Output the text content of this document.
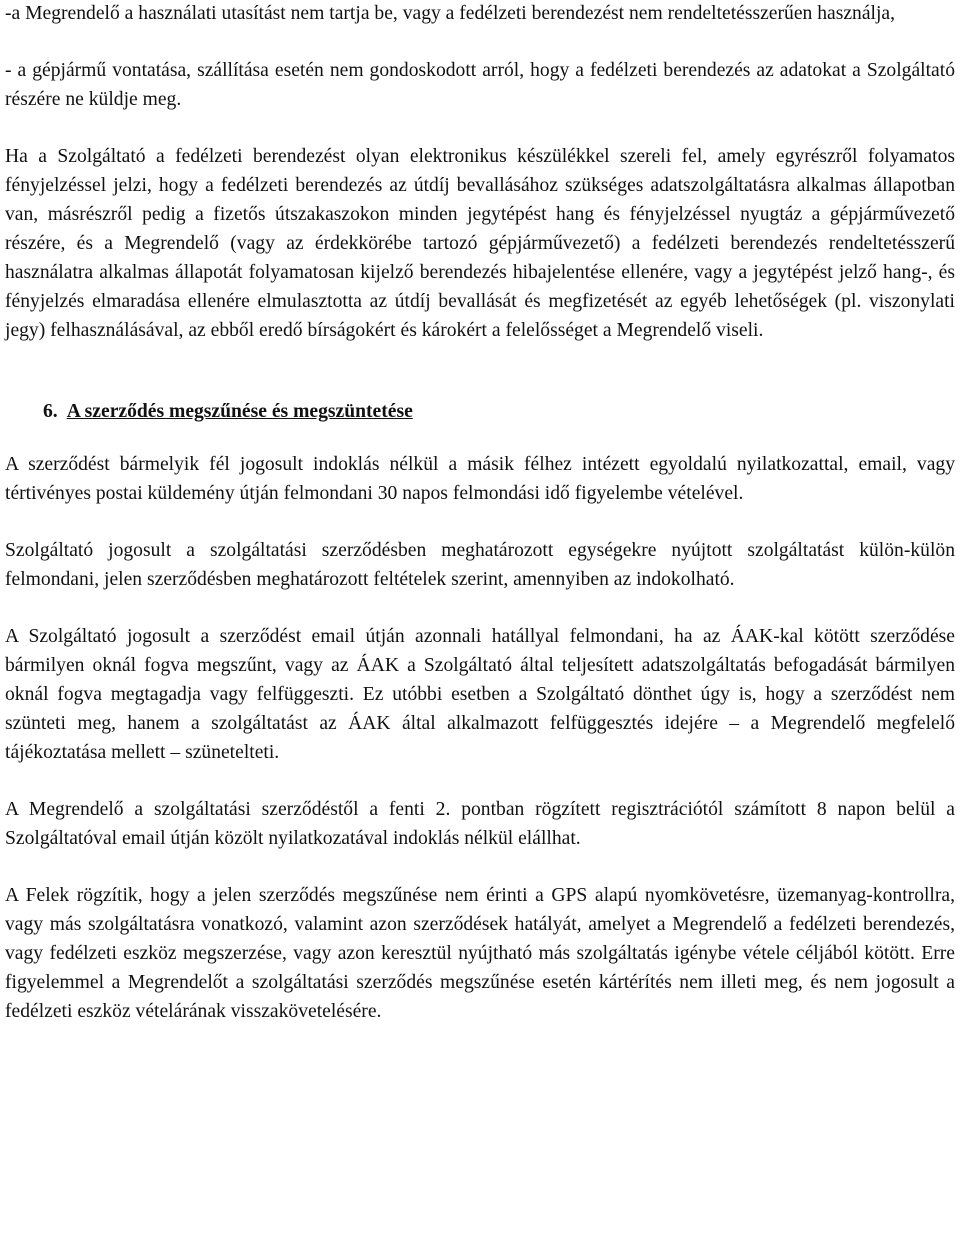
-a Megrendelő a használati utasítást nem tartja be, vagy a fedélzeti berendezést nem rendeltetésszerűen használja,

- a gépjármű vontatása, szállítása esetén nem gondoskodott arról, hogy a fedélzeti berendezés az adatokat a Szolgáltató részére ne küldje meg.

Ha a Szolgáltató a fedélzeti berendezést olyan elektronikus készülékkel szereli fel, amely egyrészről folyamatos fényjelzéssel jelzi, hogy a fedélzeti berendezés az útdíj bevallásához szükséges adatszolgáltatásra alkalmas állapotban van, másrészről pedig a fizetős útszakaszokon minden jegytépést hang és fényjelzéssel nyugtáz a gépjárművezető részére, és a Megrendelő (vagy az érdekkörébe tartozó gépjárművezető) a fedélzeti berendezés rendeltetésszerű használatra alkalmas állapotát folyamatosan kijelző berendezés hibajelentése ellenére, vagy a jegytépést jelző hang-, és fényjelzés elmaradása ellenére elmulasztotta az útdíj bevallását és megfizetését az egyéb lehetőségek (pl. viszonylati jegy) felhasználásával, az ebből eredő bírságokért és károkért a felelősséget a Megrendelő viseli.

6. A szerződés megszűnése és megszüntetése

A szerződést bármelyik fél jogosult indoklás nélkül a másik félhez intézett egyoldalú nyilatkozattal, email, vagy tértivényes postai küldemény útján felmondani 30 napos felmondási idő figyelembe vételével.

Szolgáltató jogosult a szolgáltatási szerződésben meghatározott egységekre nyújtott szolgáltatást külön-külön felmondani, jelen szerződésben meghatározott feltételek szerint, amennyiben az indokolható.

A Szolgáltató jogosult a szerződést email útján azonnali hatállyal felmondani, ha az ÁAK-kal kötött szerződése bármilyen oknál fogva megszűnt, vagy az ÁAK a Szolgáltató által teljesített adatszolgáltatás befogadását bármilyen oknál fogva megtagadja vagy felfüggeszti. Ez utóbbi esetben a Szolgáltató dönthet úgy is, hogy a szerződést nem szünteti meg, hanem a szolgáltatást az ÁAK által alkalmazott felfüggesztés idejére – a Megrendelő megfelelő tájékoztatása mellett – szünetelteti.

A Megrendelő a szolgáltatási szerződéstől a fenti 2. pontban rögzített regisztrációtól számított 8 napon belül a Szolgáltatóval email útján közölt nyilatkozatával indoklás nélkül elállhat.

A Felek rögzítik, hogy a jelen szerződés megszűnése nem érinti a GPS alapú nyomkövetésre, üzemanyag-kontrollra, vagy más szolgáltatásra vonatkozó, valamint azon szerződések hatályát, amelyet a Megrendelő a fedélzeti berendezés, vagy fedélzeti eszköz megszerzése, vagy azon keresztül nyújtható más szolgáltatás igénybe vétele céljából kötött. Erre figyelemmel a Megrendelőt a szolgáltatási szerződés megszűnése esetén kártérítés nem illeti meg, és nem jogosult a fedélzeti eszköz vételárának visszakövetelésére.
